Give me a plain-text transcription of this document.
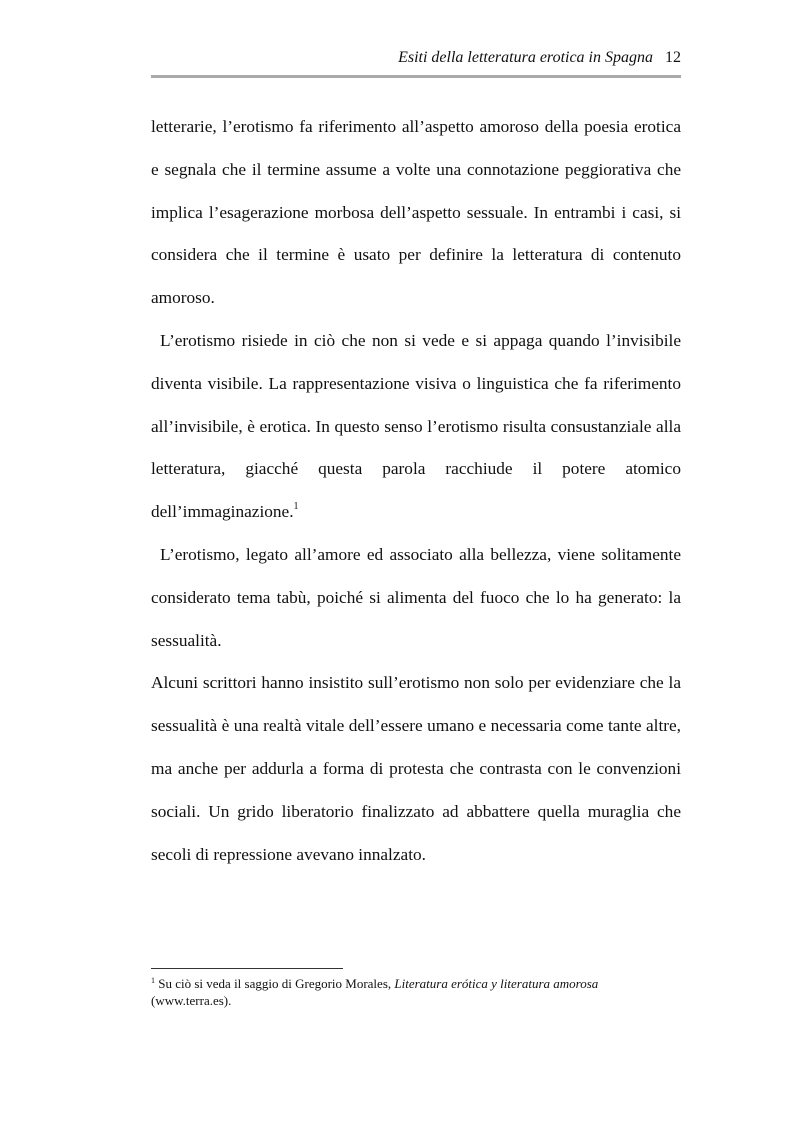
Esiti della letteratura erotica in Spagna 12

letterarie, l’erotismo fa riferimento all’aspetto amoroso della poesia erotica e segnala che il termine assume a volte una connotazione peggiorativa che implica l’esagerazione morbosa dell’aspetto sessuale. In entrambi i casi, si considera che il termine è usato per definire la letteratura di contenuto amoroso.

L’erotismo risiede in ciò che non si vede e si appaga quando l’invisibile diventa visibile. La rappresentazione visiva o linguistica che fa riferimento all’invisibile, è erotica. In questo senso l’erotismo risulta consustanziale alla letteratura, giacché questa parola racchiude il potere atomico dell’immaginazione.$^1$

L’erotismo, legato all’amore ed associato alla bellezza, viene solitamente considerato tema tabù, poiché si alimenta del fuoco che lo ha generato: la sessualità.

Alcuni scrittori hanno insistito sull’erotismo non solo per evidenziare che la sessualità è una realtà vitale dell’essere umano e necessaria come tante altre, ma anche per addurla a forma di protesta che contrasta con le convenzioni sociali. Un grido liberatorio finalizzato ad abbattere quella muraglia che secoli di repressione avevano innalzato.

$^1$ Su ciò si veda il saggio di Gregorio Morales, Literatura erótica y literatura amorosa (www.terra.es).
